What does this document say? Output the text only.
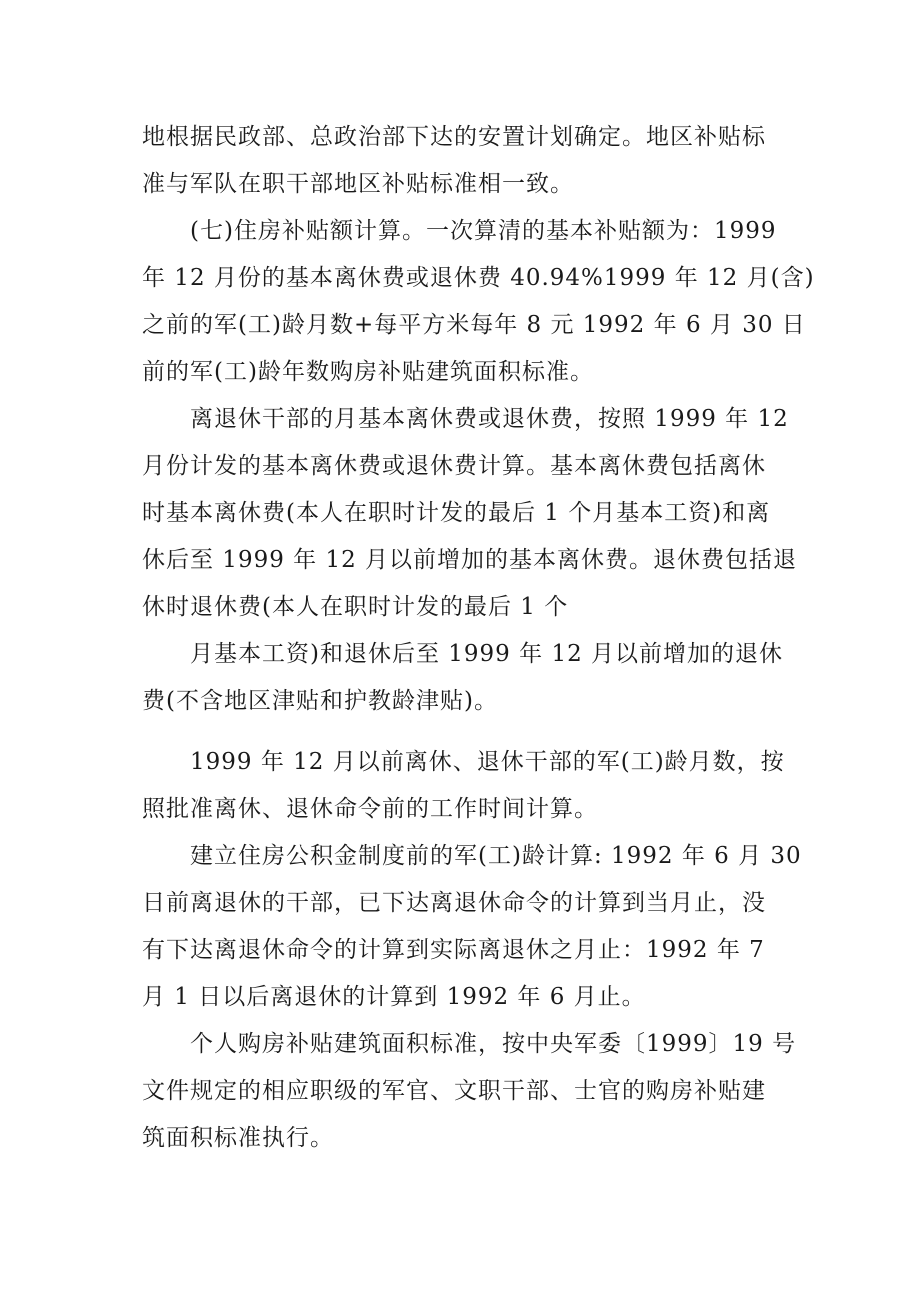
地根据民政部、总政治部下达的安置计划确定。地区补贴标
准与军队在职干部地区补贴标准相一致。

(七)住房补贴额计算。一次算清的基本补贴额为：1999
年 12 月份的基本离休费或退休费 40.94%1999 年 12 月(含)
之前的军(工)龄月数+每平方米每年 8 元 1992 年 6 月 30 日
前的军(工)龄年数购房补贴建筑面积标准。

离退休干部的月基本离休费或退休费，按照 1999 年 12
月份计发的基本离休费或退休费计算。基本离休费包括离休
时基本离休费(本人在职时计发的最后 1 个月基本工资)和离
休后至 1999 年 12 月以前增加的基本离休费。退休费包括退
休时退休费(本人在职时计发的最后 1 个

月基本工资)和退休后至 1999 年 12 月以前增加的退休
费(不含地区津贴和护教龄津贴)。

1999 年 12 月以前离休、退休干部的军(工)龄月数，按
照批准离休、退休命令前的工作时间计算。

建立住房公积金制度前的军(工)龄计算: 1992 年 6 月 30
日前离退休的干部，已下达离退休命令的计算到当月止，没
有下达离退休命令的计算到实际离退休之月止：1992 年 7
月 1 日以后离退休的计算到 1992 年 6 月止。

个人购房补贴建筑面积标准，按中央军委〔1999〕19 号
文件规定的相应职级的军官、文职干部、士官的购房补贴建
筑面积标准执行。
